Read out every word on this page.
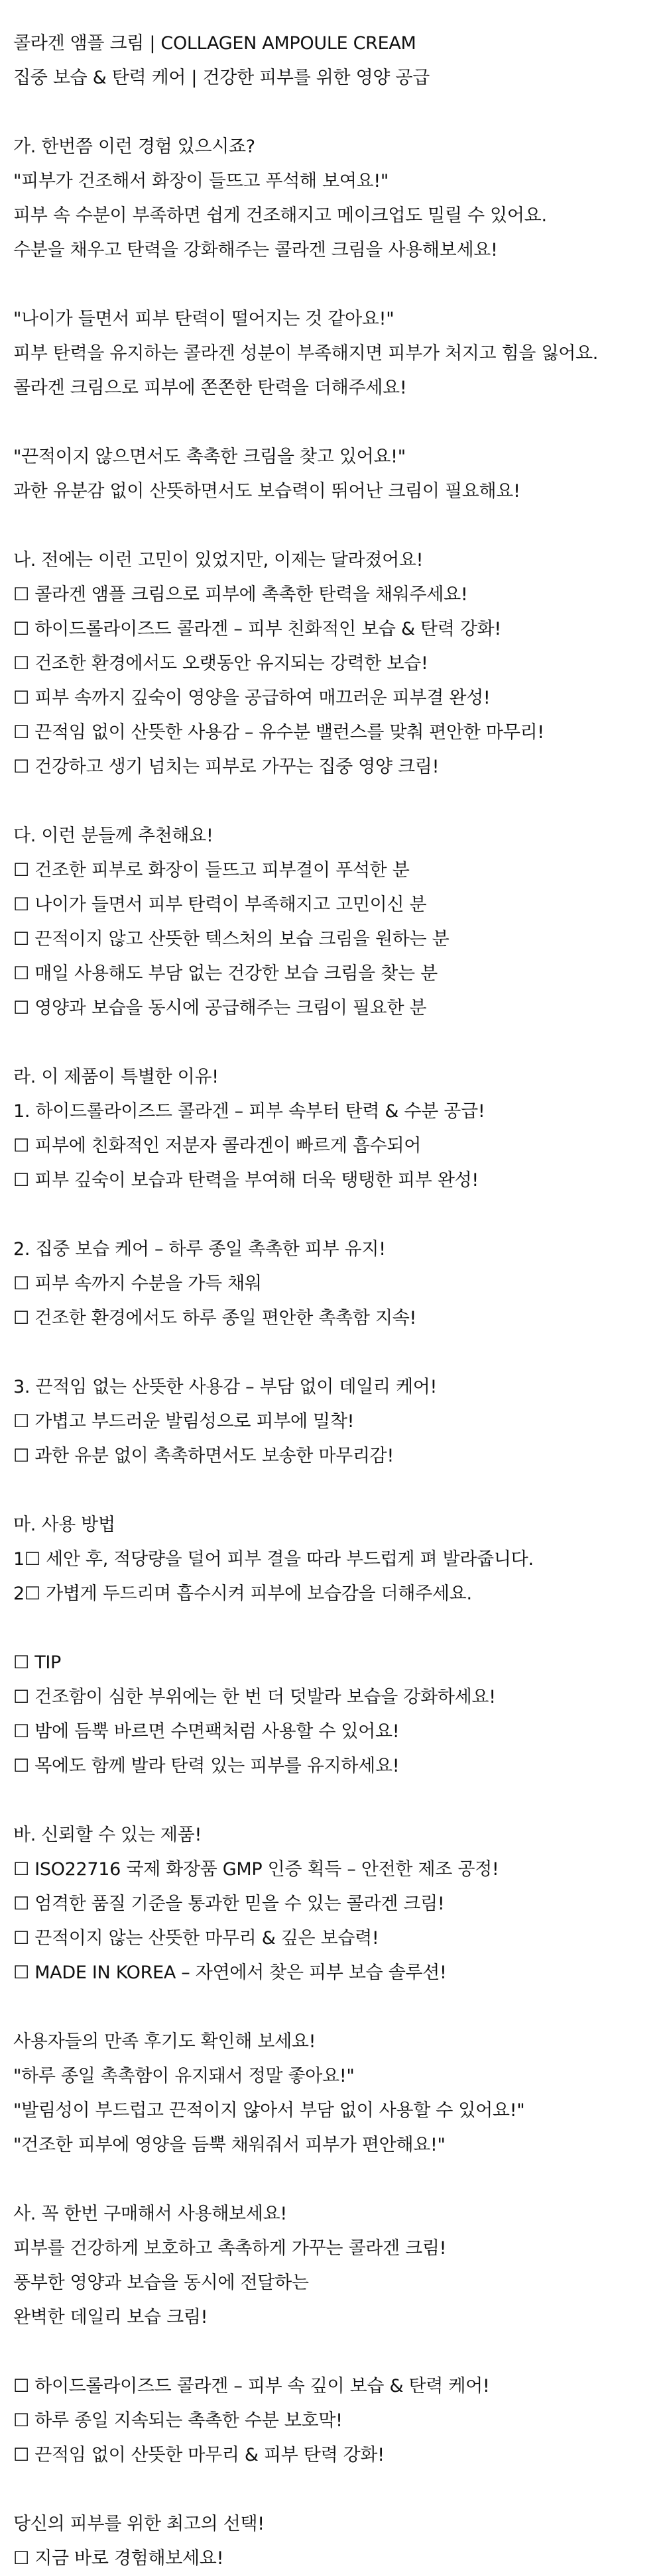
콜라겐 앰플 크림 | COLLAGEN AMPOULE CREAM
집중 보습 & 탄력 케어 | 건강한 피부를 위한 영양 공급
가. 한번쯤 이런 경험 있으시죠?
"피부가 건조해서 화장이 들뜨고 푸석해 보여요!"
피부 속 수분이 부족하면 쉽게 건조해지고 메이크업도 밀릴 수 있어요.
수분을 채우고 탄력을 강화해주는 콜라겐 크림을 사용해보세요!
"나이가 들면서 피부 탄력이 떨어지는 것 같아요!"
피부 탄력을 유지하는 콜라겐 성분이 부족해지면 피부가 처지고 힘을 잃어요.
콜라겐 크림으로 피부에 쫀쫀한 탄력을 더해주세요!
"끈적이지 않으면서도 촉촉한 크림을 찾고 있어요!"
과한 유분감 없이 산뜻하면서도 보습력이 뛰어난 크림이 필요해요!
나. 전에는 이런 고민이 있었지만, 이제는 달라졌어요!
☐ 콜라겐 앰플 크림으로 피부에 촉촉한 탄력을 채워주세요!
☐ 하이드롤라이즈드 콜라겐 – 피부 친화적인 보습 & 탄력 강화!
☐ 건조한 환경에서도 오랫동안 유지되는 강력한 보습!
☐ 피부 속까지 깊숙이 영양을 공급하여 매끄러운 피부결 완성!
☐ 끈적임 없이 산뜻한 사용감 – 유수분 밸런스를 맞춰 편안한 마무리!
☐ 건강하고 생기 넘치는 피부로 가꾸는 집중 영양 크림!
다. 이런 분들께 추천해요!
☐ 건조한 피부로 화장이 들뜨고 피부결이 푸석한 분
☐ 나이가 들면서 피부 탄력이 부족해지고 고민이신 분
☐ 끈적이지 않고 산뜻한 텍스처의 보습 크림을 원하는 분
☐ 매일 사용해도 부담 없는 건강한 보습 크림을 찾는 분
☐ 영양과 보습을 동시에 공급해주는 크림이 필요한 분
라. 이 제품이 특별한 이유!
1. 하이드롤라이즈드 콜라겐 – 피부 속부터 탄력 & 수분 공급!
☐ 피부에 친화적인 저분자 콜라겐이 빠르게 흡수되어
☐ 피부 깊숙이 보습과 탄력을 부여해 더욱 탱탱한 피부 완성!
2. 집중 보습 케어 – 하루 종일 촉촉한 피부 유지!
☐ 피부 속까지 수분을 가득 채워
☐ 건조한 환경에서도 하루 종일 편안한 촉촉함 지속!
3. 끈적임 없는 산뜻한 사용감 – 부담 없이 데일리 케어!
☐ 가볍고 부드러운 발림성으로 피부에 밀착!
☐ 과한 유분 없이 촉촉하면서도 보송한 마무리감!
마. 사용 방법
1☐ 세안 후, 적당량을 덜어 피부 결을 따라 부드럽게 펴 발라줍니다.
2☐ 가볍게 두드리며 흡수시켜 피부에 보습감을 더해주세요.
☐ TIP
☐ 건조함이 심한 부위에는 한 번 더 덧발라 보습을 강화하세요!
☐ 밤에 듬뿍 바르면 수면팩처럼 사용할 수 있어요!
☐ 목에도 함께 발라 탄력 있는 피부를 유지하세요!
바. 신뢰할 수 있는 제품!
☐ ISO22716 국제 화장품 GMP 인증 획득 – 안전한 제조 공정!
☐ 엄격한 품질 기준을 통과한 믿을 수 있는 콜라겐 크림!
☐ 끈적이지 않는 산뜻한 마무리 & 깊은 보습력!
☐ MADE IN KOREA – 자연에서 찾은 피부 보습 솔루션!
사용자들의 만족 후기도 확인해 보세요!
"하루 종일 촉촉함이 유지돼서 정말 좋아요!"
"발림성이 부드럽고 끈적이지 않아서 부담 없이 사용할 수 있어요!"
"건조한 피부에 영양을 듬뿍 채워줘서 피부가 편안해요!"
사. 꼭 한번 구매해서 사용해보세요!
피부를 건강하게 보호하고 촉촉하게 가꾸는 콜라겐 크림!
풍부한 영양과 보습을 동시에 전달하는
완벽한 데일리 보습 크림!
☐ 하이드롤라이즈드 콜라겐 – 피부 속 깊이 보습 & 탄력 케어!
☐ 하루 종일 지속되는 촉촉한 수분 보호막!
☐ 끈적임 없이 산뜻한 마무리 & 피부 탄력 강화!
당신의 피부를 위한 최고의 선택!
☐ 지금 바로 경험해보세요!
